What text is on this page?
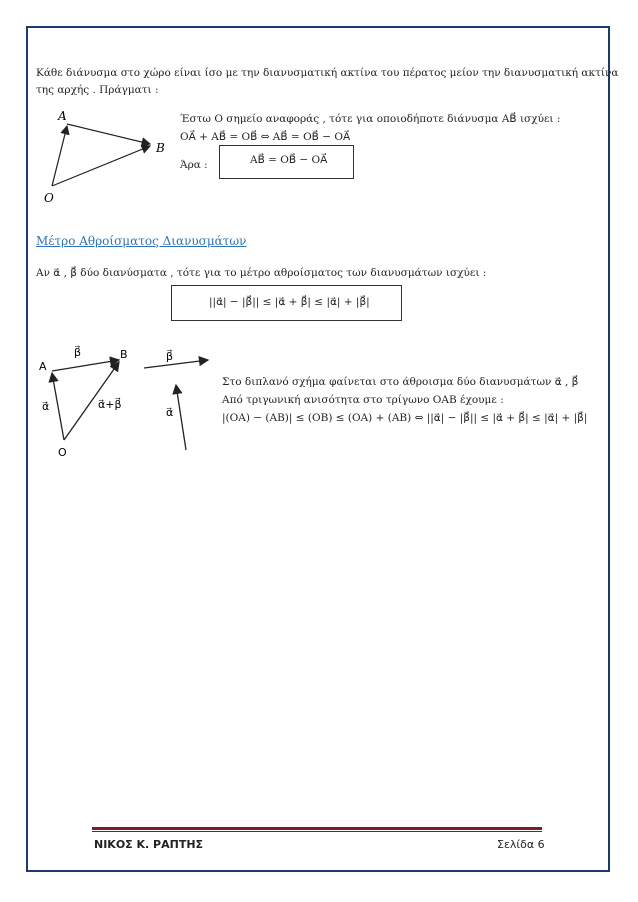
Κάθε διάνυσμα στο χώρο είναι ίσο με την διανυσματική ακτίνα του πέρατος μείον την διανυσματική ακτίνα
της αρχής . Πράγματι :
A
B
O
Έστω Ο σημείο αναφοράς , τότε για οποιοδήποτε διάνυσμα AB⃗ ισχύει :
OA⃗ + AB⃗ = OB⃗ ⇔ AB⃗ = OB⃗ − OA⃗
Άρα :	AB⃗ = OB⃗ − OA⃗
Μέτρο Αθροίσματος Διανυσμάτων
Αν α⃗ , β⃗ δύο διανύσματα , τότε για το μέτρο αθροίσματος των διανυσμάτων ισχύει :
||α⃗| − |β⃗|| ≤ |α⃗ + β⃗| ≤ |α⃗| + |β⃗|
A
B
O
β⃗
α⃗	α⃗+β⃗
β⃗
α⃗
Στο διπλανό σχήμα φαίνεται στο άθροισμα δύο διανυσμάτων α⃗ , β⃗
Από τριγωνική ανισότητα στο τρίγωνο OAB έχουμε :
|(OA) − (AB)| ≤ (OB) ≤ (OA) + (AB) ⇔ ||α⃗| − |β⃗|| ≤ |α⃗ + β⃗| ≤ |α⃗| + |β⃗|
ΝΙΚΟΣ Κ. ΡΑΠΤΗΣ	Σελίδα 6
